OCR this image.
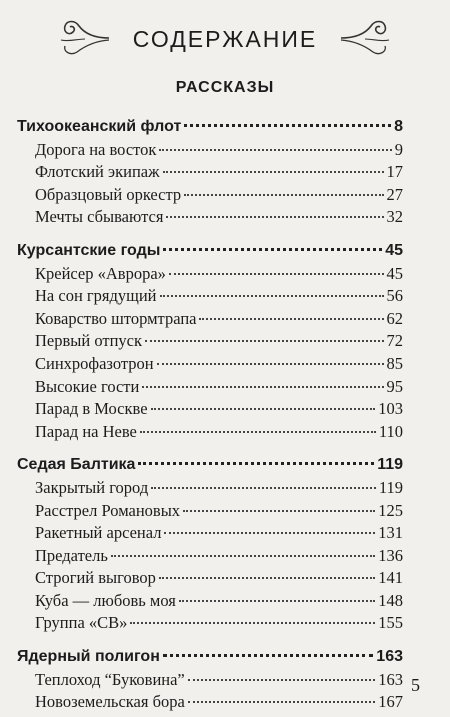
СОДЕРЖАНИЕ
РАССКАЗЫ
Тихоокеанский флот	8
Дорога на восток	9
Флотский экипаж	17
Образцовый оркестр	27
Мечты сбываются	32
Курсантские годы	45
Крейсер «Аврора»	45
На сон грядущий	56
Коварство штормтрапа	62
Первый отпуск	72
Синхрофазотрон	85
Высокие гости	95
Парад в Москве	103
Парад на Неве	110
Седая Балтика	119
Закрытый город	119
Расстрел Романовых	125
Ракетный арсенал	131
Предатель	136
Строгий выговор	141
Куба — любовь моя	148
Группа «СВ»	155
Ядерный полигон	163
Теплоход “Буковина”	163
Новоземельская бора	167
5
